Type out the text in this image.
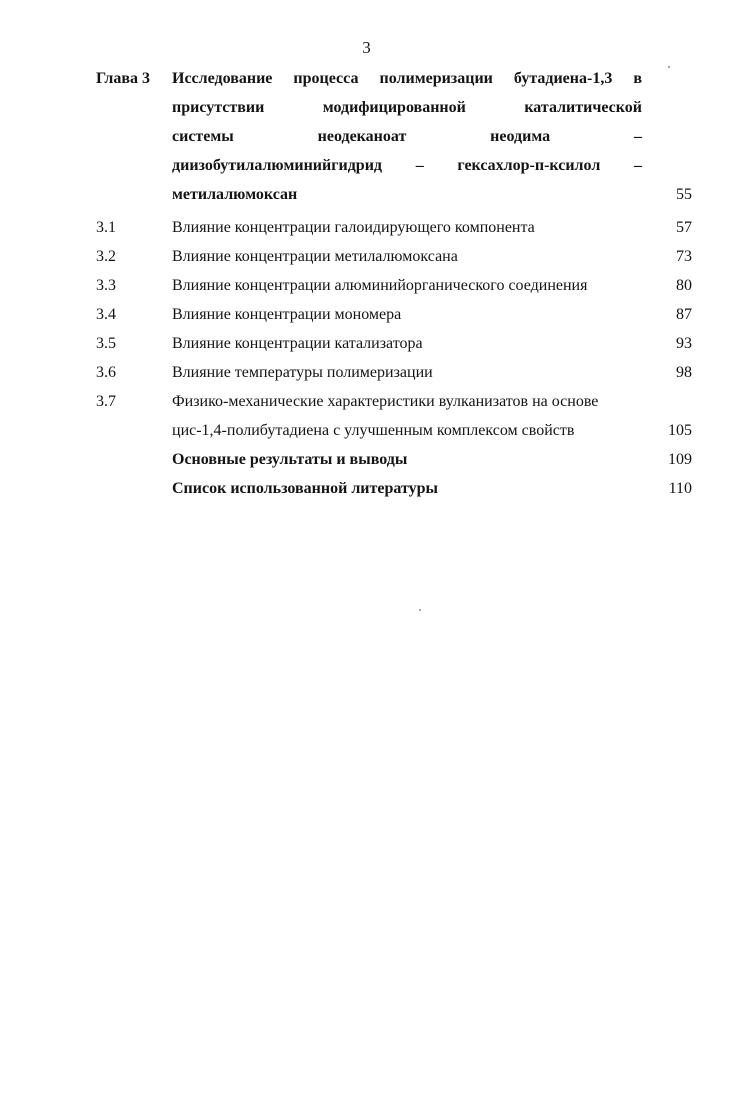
3
Глава 3 Исследование процесса полимеризации бутадиена-1,3 в
присутствии модифицированной каталитической
системы неодеканоат неодима –
диизобутилалюминийгидрид – гексахлор-п-ксилол –
метилалюмоксан	55
3.1	Влияние концентрации галоидирующего компонента	57
3.2	Влияние концентрации метилалюмоксана	73
3.3	Влияние концентрации алюминийорганического соединения	80
3.4	Влияние концентрации мономера	87
3.5	Влияние концентрации катализатора	93
3.6	Влияние температуры полимеризации	98
3.7	Физико-механические характеристики вулканизатов на основе
цис-1,4-полибутадиена с улучшенным комплексом свойств	105
Основные результаты и выводы	109
Список использованной литературы	110
